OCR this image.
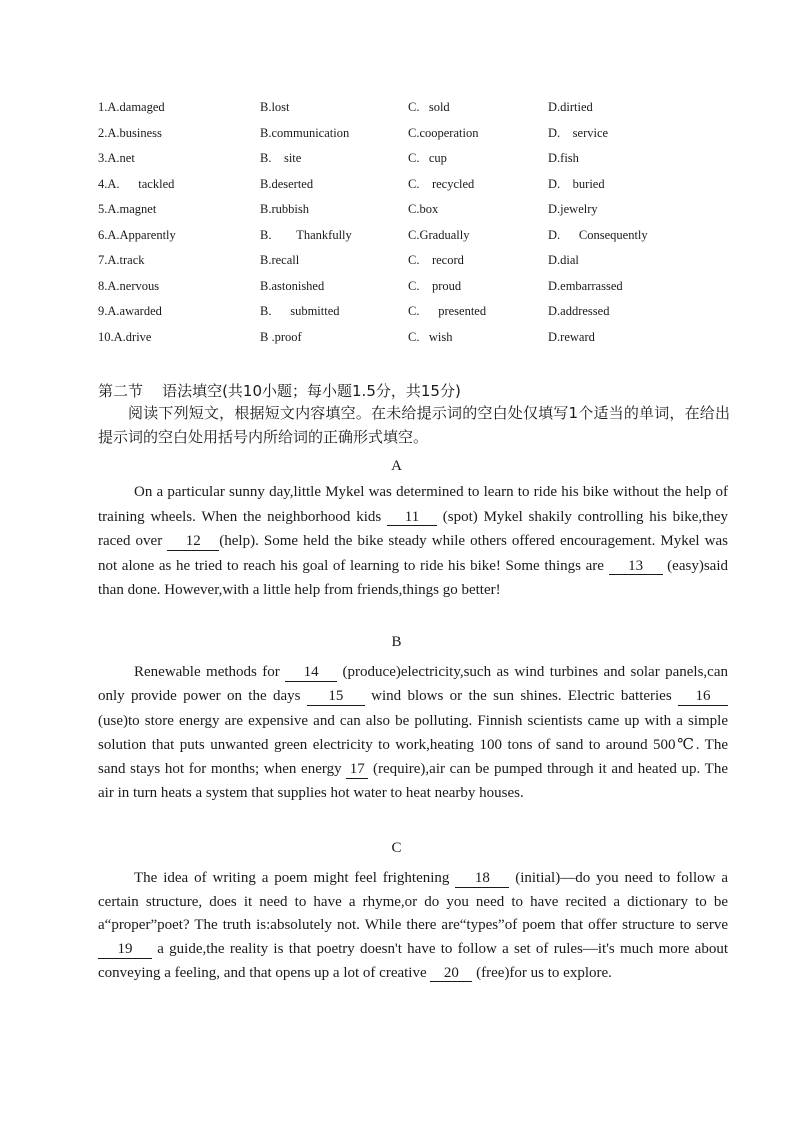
1.A.damaged	B.lost	C.   sold	D.dirtied
2.A.business	B.communication	C.cooperation	D.    service
3.A.net	B.    site	C.   cup	D.fish
4.A.      tackled	B.deserted	C.    recycled	D.    buried
5.A.magnet	B.rubbish	C.box	D.jewelry
6.A.Apparently	B.        Thankfully	C.Gradually	D.      Consequently
7.A.track	B.recall	C.    record	D.dial
8.A.nervous	B.astonished	C.    proud	D.embarrassed
9.A.awarded	B.      submitted	C.      presented	D.addressed
10.A.drive	B .proof	C.   wish	D.reward
第二节    语法填空(共10小题；每小题1.5分，共15分)

阅读下列短文，根据短文内容填空。在未给提示词的空白处仅填写1个适当的单词，在给出提示词的空白处用括号内所给词的正确形式填空。

A
On a particular sunny day,little Mykel was determined to learn to ride his bike without the help of training wheels. When the neighborhood kids 11 (spot) Mykel shakily controlling his bike,they raced over 12 (help). Some held the bike steady while others offered encouragement. Mykel was not alone as he tried to reach his goal of learning to ride his bike! Some things are 13 (easy)said than done. However,with a little help from friends,things go better!
B
Renewable methods for 14 (produce)electricity,such as wind turbines and solar panels,can only provide power on the days 15 wind blows or the sun shines. Electric batteries 16 (use)to store energy are expensive and can also be polluting. Finnish scientists came up with a simple solution that puts unwanted green electricity to work,heating 100 tons of sand to around 500℃. The sand stays hot for months; when energy 17 (require),air can be pumped through it and heated up. The air in turn heats a system that supplies hot water to heat nearby houses.
C
The idea of writing a poem might feel frightening 18 (initial)—do you need to follow a certain structure, does it need to have a rhyme,or do you need to have recited a dictionary to be a“proper”poet? The truth is:absolutely not. While there are“types”of poem that offer structure to serve 19 a guide,the reality is that poetry doesn't have to follow a set of rules—it's much more about conveying a feeling, and that opens up a lot of creative 20 (free)for us to explore.
